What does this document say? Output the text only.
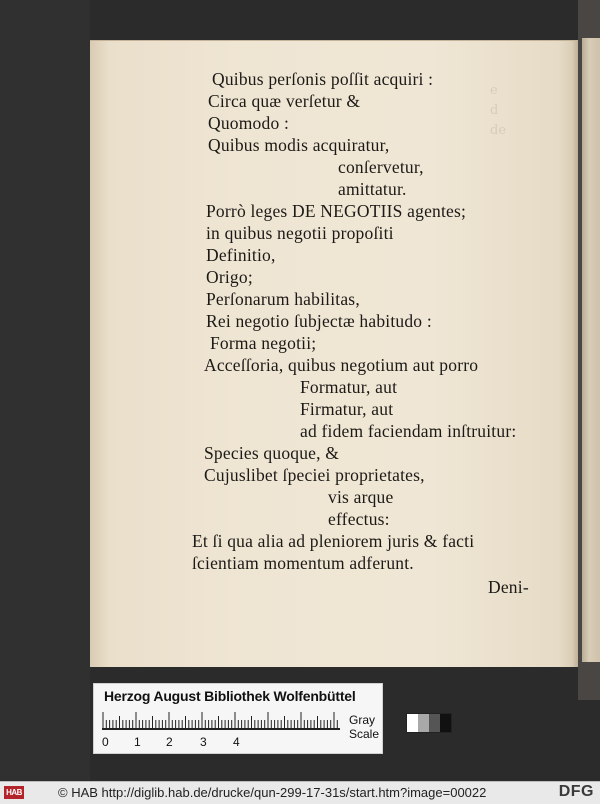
e
d
de

Quibus perſonis poſſit acquiri :
Circa quæ verſetur &
Quomodo :
Quibus modis acquiratur,
conſervetur,
amittatur.
Porrò leges DE NEGOTIIS agentes;
in quibus negotii propoſiti
Definitio,
Origo;
Perſonarum habilitas,
Rei negotio ſubjectæ habitudo :
Forma negotii;
Acceſſoria, quibus negotium aut porro
Formatur, aut
Firmatur, aut
ad fidem faciendam inſtruitur:
Species quoque, &
Cujuslibet ſpeciei proprietates,
vis arque
effectus:
Et ſi qua alia ad pleniorem juris & facti
ſcientiam momentum adferunt.
Deni-
Herzog August Bibliothek Wolfenbüttel
0 1 2 3 4
Gray Scale
HAB	© HAB http://diglib.hab.de/drucke/qun-299-17-31s/start.htm?image=00022	DFG
